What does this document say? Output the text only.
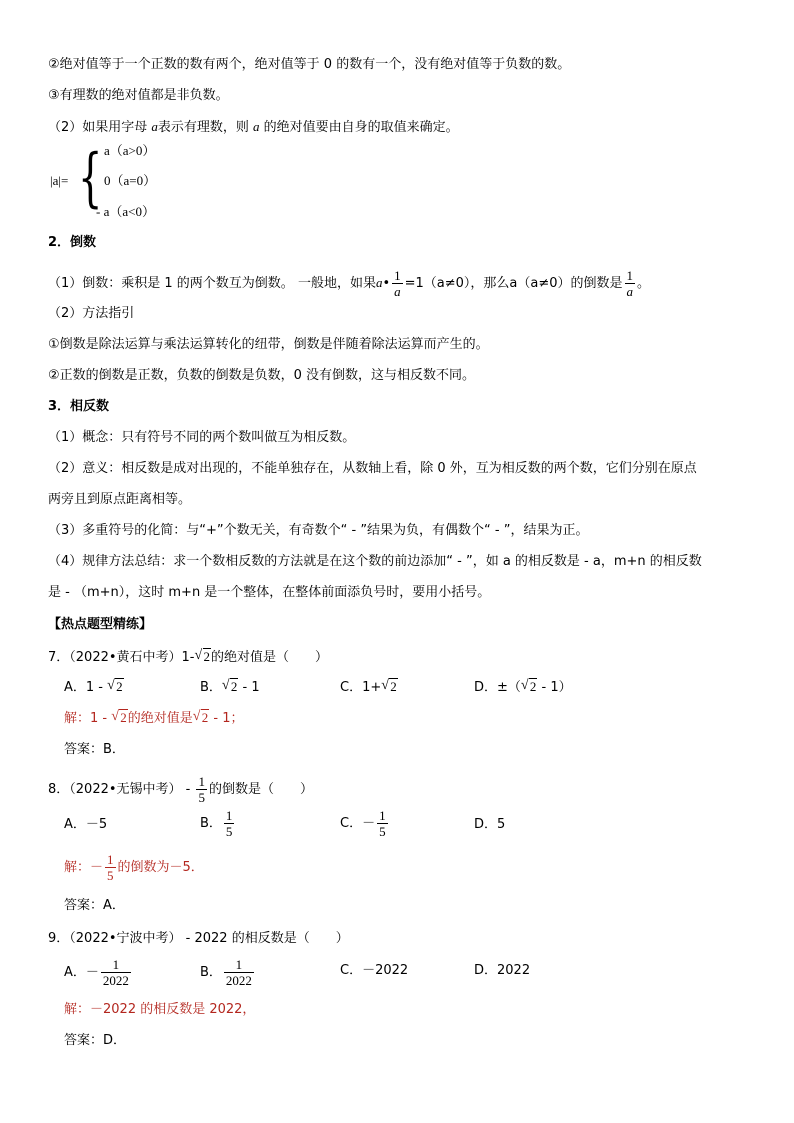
②绝对值等于一个正数的数有两个，绝对值等于 0 的数有一个，没有绝对值等于负数的数。
③有理数的绝对值都是非负数。
（2）如果用字母 a表示有理数，则 a 的绝对值要由自身的取值来确定。
|a|= { a（a>0）
0（a=0）
- a（a<0）
2．倒数
（1）倒数：乘积是 1 的两个数互为倒数。 一般地，如果a• $\frac{1}{a} =1(a\ne 0)$，那么a（a≠0）的倒数是 $\frac{1}{a}$ 。
（2）方法指引
①倒数是除法运算与乘法运算转化的纽带，倒数是伴随着除法运算而产生的。
②正数的倒数是正数，负数的倒数是负数，0 没有倒数，这与相反数不同。
3．相反数
（1）概念：只有符号不同的两个数叫做互为相反数。
（2）意义：相反数是成对出现的，不能单独存在，从数轴上看，除 0 外，互为相反数的两个数，它们分别在原点
两旁且到原点距离相等。
（3）多重符号的化简：与“+”个数无关，有奇数个“ - ”结果为负，有偶数个“ - ”，结果为正。
（4）规律方法总结：求一个数相反数的方法就是在这个数的前边添加“ - ”，如 a 的相反数是 - a，m+n 的相反数
是 - （m+n），这时 m+n 是一个整体，在整体前面添负号时，要用小括号。
【热点题型精练】
7．（2022•黄石中考）1- √ 2的绝对值是（　　）
A．1 - √ 2	B． √ 2 - 1	C．1+ √ 2	D．±（ √ 2 - 1）
解：1 - √ 2的绝对值是 √ 2 - 1；
答案：B．
8．（2022•无锡中考） - $\frac{1}{5}$ 的倒数是（　　）
A．－5	B． $\frac{1}{5}$	C．－ $\frac{1}{5}$	D．5
解：－ $\frac{1}{5}$ 的倒数为－5．
答案：A．
9．（2022•宁波中考） - 2022 的相反数是（　　）
A．－ $\frac{1}{2022}$	B． $\frac{1}{2022}$	C．－2022	D．2022
解：－2022 的相反数是 2022，
答案：D．
